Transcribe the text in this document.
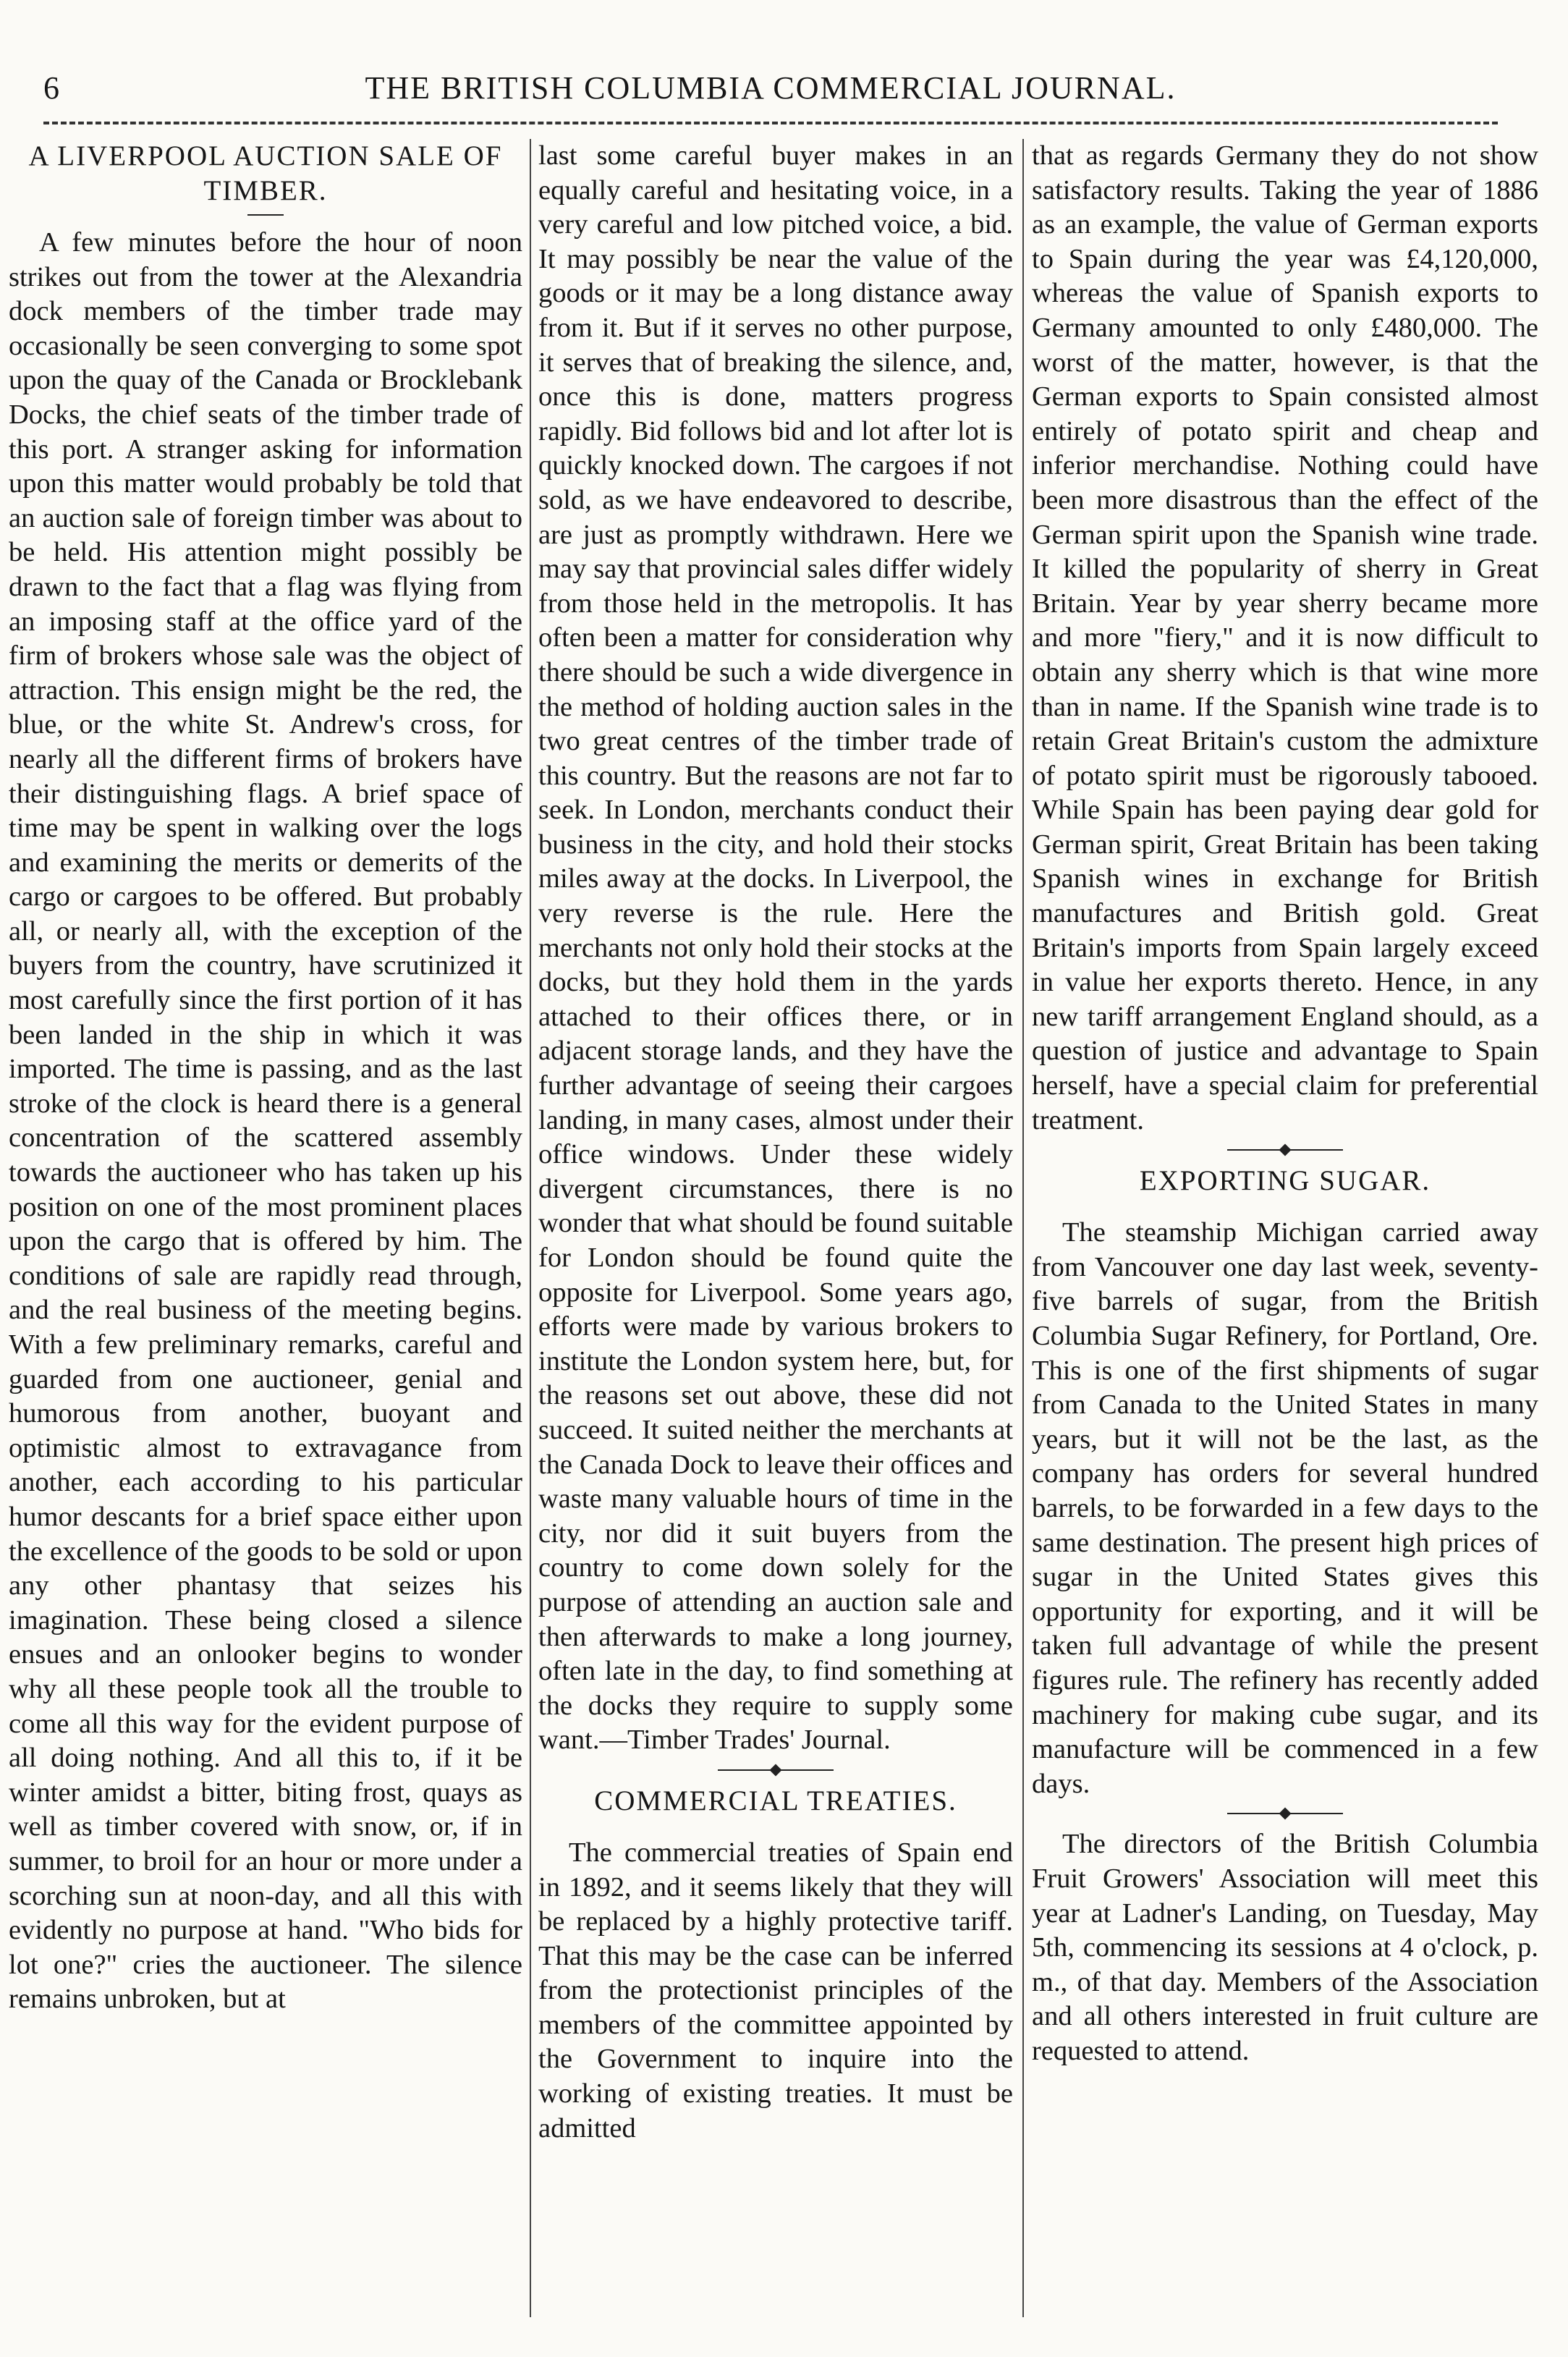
6	THE BRITISH COLUMBIA COMMERCIAL JOURNAL.
A LIVERPOOL AUCTION SALE OF TIMBER.

A few minutes before the hour of noon strikes out from the tower at the Alexandria dock members of the timber trade may occasionally be seen converging to some spot upon the quay of the Canada or Brocklebank Docks, the chief seats of the timber trade of this port. A stranger asking for information upon this matter would probably be told that an auction sale of foreign timber was about to be held. His attention might possibly be drawn to the fact that a flag was flying from an imposing staff at the office yard of the firm of brokers whose sale was the object of attraction. This ensign might be the red, the blue, or the white St. Andrew's cross, for nearly all the different firms of brokers have their distinguishing flags. A brief space of time may be spent in walking over the logs and examining the merits or demerits of the cargo or cargoes to be offered. But probably all, or nearly all, with the exception of the buyers from the country, have scrutinized it most carefully since the first portion of it has been landed in the ship in which it was imported. The time is passing, and as the last stroke of the clock is heard there is a general concentration of the scattered assembly towards the auctioneer who has taken up his position on one of the most prominent places upon the cargo that is offered by him. The conditions of sale are rapidly read through, and the real business of the meeting begins. With a few preliminary remarks, careful and guarded from one auctioneer, genial and humorous from another, buoyant and optimistic almost to extravagance from another, each according to his particular humor descants for a brief space either upon the excellence of the goods to be sold or upon any other phantasy that seizes his imagination. These being closed a silence ensues and an onlooker begins to wonder why all these people took all the trouble to come all this way for the evident purpose of all doing nothing. And all this to, if it be winter amidst a bitter, biting frost, quays as well as timber covered with snow, or, if in summer, to broil for an hour or more under a scorching sun at noon-day, and all this with evidently no purpose at hand. "Who bids for lot one?" cries the auctioneer. The silence remains unbroken, but at

last some careful buyer makes in an equally careful and hesitating voice, in a very careful and low pitched voice, a bid. It may possibly be near the value of the goods or it may be a long distance away from it. But if it serves no other purpose, it serves that of breaking the silence, and, once this is done, matters progress rapidly. Bid follows bid and lot after lot is quickly knocked down. The cargoes if not sold, as we have endeavored to describe, are just as promptly withdrawn. Here we may say that provincial sales differ widely from those held in the metropolis. It has often been a matter for consideration why there should be such a wide divergence in the method of holding auction sales in the two great centres of the timber trade of this country. But the reasons are not far to seek. In London, merchants conduct their business in the city, and hold their stocks miles away at the docks. In Liverpool, the very reverse is the rule. Here the merchants not only hold their stocks at the docks, but they hold them in the yards attached to their offices there, or in adjacent storage lands, and they have the further advantage of seeing their cargoes landing, in many cases, almost under their office windows. Under these widely divergent circumstances, there is no wonder that what should be found suitable for London should be found quite the opposite for Liverpool. Some years ago, efforts were made by various brokers to institute the London system here, but, for the reasons set out above, these did not succeed. It suited neither the merchants at the Canada Dock to leave their offices and waste many valuable hours of time in the city, nor did it suit buyers from the country to come down solely for the purpose of attending an auction sale and then afterwards to make a long journey, often late in the day, to find something at the docks they require to supply some want.—Timber Trades' Journal.

COMMERCIAL TREATIES.

The commercial treaties of Spain end in 1892, and it seems likely that they will be replaced by a highly protective tariff. That this may be the case can be inferred from the protectionist principles of the members of the committee appointed by the Government to inquire into the working of existing treaties. It must be admitted

that as regards Germany they do not show satisfactory results. Taking the year of 1886 as an example, the value of German exports to Spain during the year was £4,120,000, whereas the value of Spanish exports to Germany amounted to only £480,000. The worst of the matter, however, is that the German exports to Spain consisted almost entirely of potato spirit and cheap and inferior merchandise. Nothing could have been more disastrous than the effect of the German spirit upon the Spanish wine trade. It killed the popularity of sherry in Great Britain. Year by year sherry became more and more "fiery," and it is now difficult to obtain any sherry which is that wine more than in name. If the Spanish wine trade is to retain Great Britain's custom the admixture of potato spirit must be rigorously tabooed. While Spain has been paying dear gold for German spirit, Great Britain has been taking Spanish wines in exchange for British manufactures and British gold. Great Britain's imports from Spain largely exceed in value her exports thereto. Hence, in any new tariff arrangement England should, as a question of justice and advantage to Spain herself, have a special claim for preferential treatment.

EXPORTING SUGAR.

The steamship Michigan carried away from Vancouver one day last week, seventy-five barrels of sugar, from the British Columbia Sugar Refinery, for Portland, Ore. This is one of the first shipments of sugar from Canada to the United States in many years, but it will not be the last, as the company has orders for several hundred barrels, to be forwarded in a few days to the same destination. The present high prices of sugar in the United States gives this opportunity for exporting, and it will be taken full advantage of while the present figures rule. The refinery has recently added machinery for making cube sugar, and its manufacture will be commenced in a few days.

The directors of the British Columbia Fruit Growers' Association will meet this year at Ladner's Landing, on Tuesday, May 5th, commencing its sessions at 4 o'clock, p. m., of that day. Members of the Association and all others interested in fruit culture are requested to attend.
